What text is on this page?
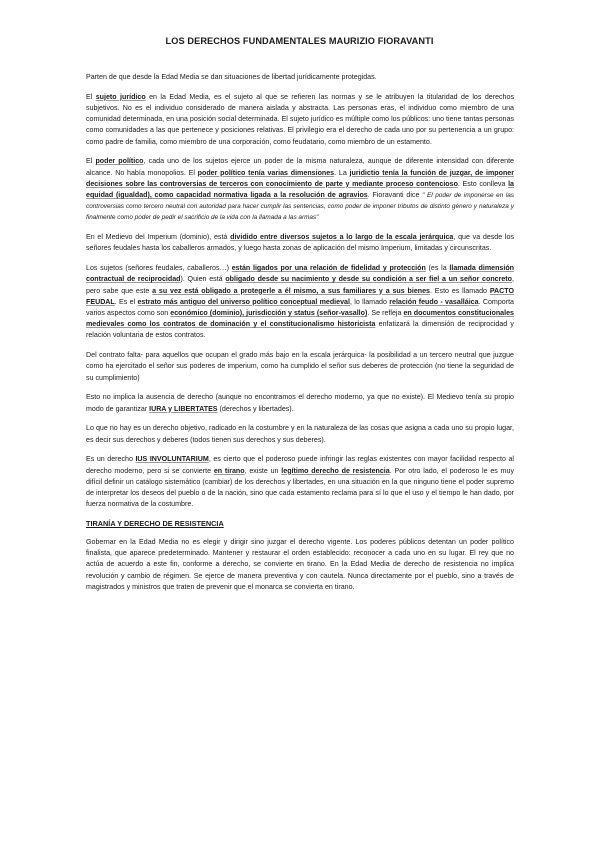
LOS DERECHOS FUNDAMENTALES MAURIZIO FIORAVANTI

Parten de que desde la Edad Media se dan situaciones de libertad jurídicamente protegidas.

El sujeto jurídico en la Edad Media, es el sujeto al que se refieren las normas y se le atribuyen la titularidad de los derechos subjetivos. No es el individuo considerado de manera aislada y abstracta. Las personas eras, el individuo como miembro de una comunidad determinada, en una posición social determinada. El sujeto jurídico es múltiple como los públicos: uno tiene tantas personas como comunidades a las que pertenece y posiciones relativas. El privilegio era el derecho de cada uno por su pertenencia a un grupo: como padre de familia, como miembro de una corporación, como feudatario, como miembro de un estamento.

El poder político, cada uno de los sujetos ejerce un poder de la misma naturaleza, aunque de diferente intensidad con diferente alcance. No había monopolios. El poder político tenía varias dimensiones. La juridictio tenía la función de juzgar, de imponer decisiones sobre las controversias de terceros con conocimiento de parte y mediante proceso contencioso. Esto conlleva la equidad (igualdad), como capacidad normativa ligada a la resolución de agravios. Fioravanti dice " El poder de imponerse en las controversias como tercero neutral con autoridad para hacer cumplir las sentencias, como poder de imponer tributos de distinto género y naturaleza y finalmente como poder de pedir el sacrificio de la vida con la llamada a las armas"

En el Medievo del Imperium (dominio), está dividido entre diversos sujetos a lo largo de la escala jerárquica, que va desde los señores feudales hasta los caballeros armados, y luego hasta zonas de aplicación del mismo Imperium, limitadas y circunscritas.

Los sujetos (señores feudales, caballeros…) están ligados por una relación de fidelidad y protección (es la llamada dimensión contractual de reciprocidad). Quien está obligado desde su nacimiento y desde su condición a ser fiel a un señor concreto, pero sabe que este a su vez está obligado a protegerle a él mismo, a sus familiares y a sus bienes. Esto es llamado PACTO FEUDAL. Es el estrato más antiguo del universo político conceptual medieval, lo llamado relación feudo - vasalláica. Comporta varios aspectos como son económico (dominio), jurisdicción y status (señor-vasallo). Se refleja en documentos constitucionales medievales como los contratos de dominación y el constitucionalismo historicista enfatizará la dimensión de reciprocidad y relación voluntaria de estos contratos.

Del contrato falta- para aquellos que ocupan el grado más bajo en la escala jerárquica- la posibilidad a un tercero neutral que juzgue como ha ejercitado el señor sus poderes de imperium, como ha cumplido el señor sus deberes de protección (no tiene la seguridad de su cumplimiento)

Esto no implica la ausencia de derecho (aunque no encontramos el derecho moderno, ya que no existe). El Medievo tenía su propio modo de garantizar IURA y LIBERTATES (derechos y libertades).

Lo que no hay es un derecho objetivo, radicado en la costumbre y en la naturaleza de las cosas que asigna a cada uno su propio lugar, es decir sus derechos y deberes (todos tienen sus derechos y sus deberes).

Es un derecho IUS INVOLUNTARIUM, es cierto que el poderoso puede infringir las reglas existentes con mayor facilidad respecto al derecho moderno, pero si se convierte en tirano, existe un legítimo derecho de resistencia. Por otro lado, el poderoso le es muy difícil definir un catálogo sistemático (cambiar) de los derechos y libertades, en una situación en la que ninguno tiene el poder supremo de interpretar los deseos del pueblo o de la nación, sino que cada estamento reclama para sí lo que el uso y el tiempo le han dado, por fuerza normativa de la costumbre.

TIRANÍA Y DERECHO DE RESISTENCIA

Gobernar en la Edad Media no es elegir y dirigir sino juzgar el derecho vigente. Los poderes públicos detentan un poder político finalista, que aparece predeterminado. Mantener y restaurar el orden establecido: reconocer a cada uno en su lugar. El rey que no actúa de acuerdo a este fin, conforme a derecho, se convierte en tirano. En la Edad Media de derecho de resistencia no implica revolución y cambio de régimen. Se ejerce de manera preventiva y con cautela. Nunca directamente por el pueblo, sino a través de magistrados y ministros que traten de prevenir que el monarca se convierta en tirano.
